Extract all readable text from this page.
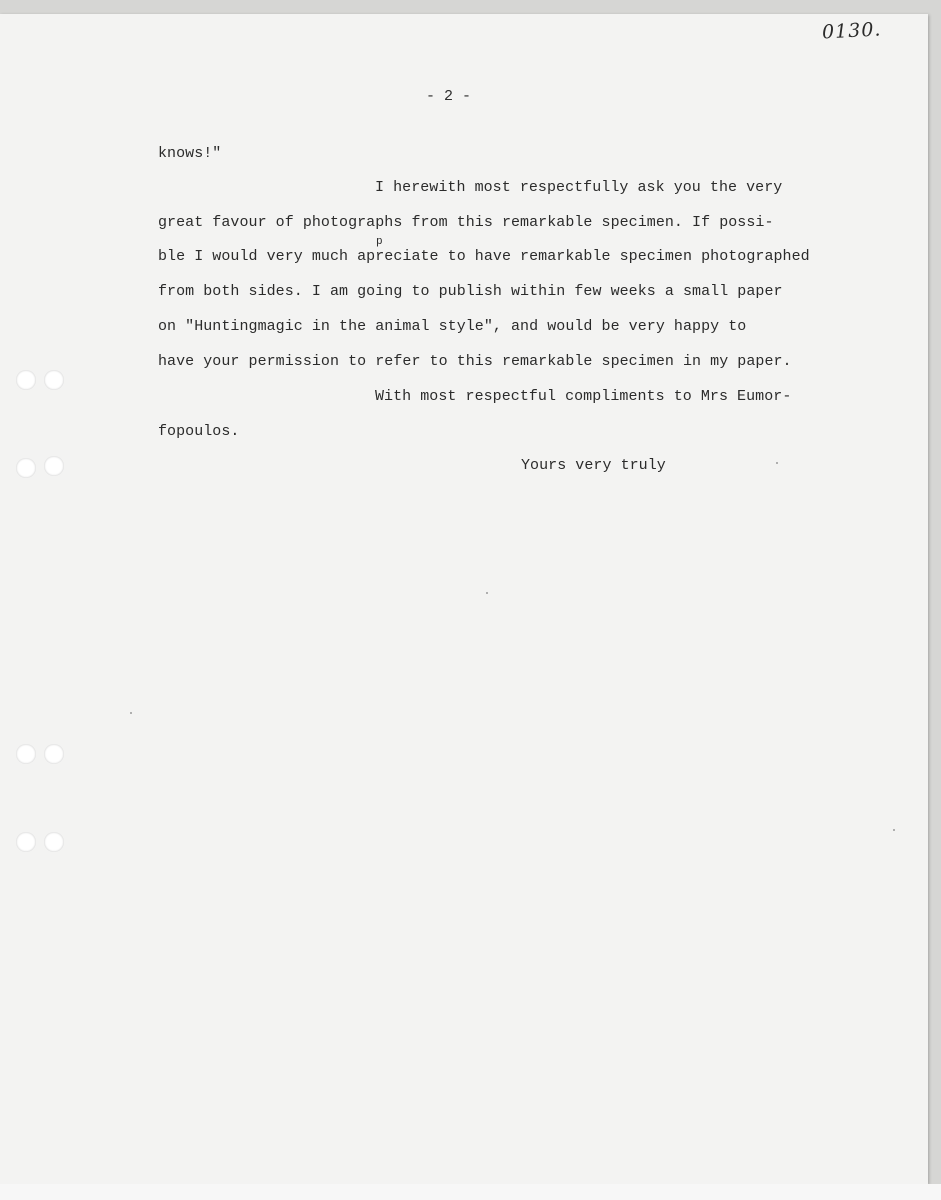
0130.
- 2 -
knows!"
I herewith most respectfully ask you the very
great favour of photographs from this remarkable specimen. If possi-
p
ble I would very much apreciate to have remarkable specimen photographed
from both sides. I am going to publish within few weeks a small paper
on "Huntingmagic in the animal style", and would be very happy to
have your permission to refer to this remarkable specimen in my paper.
With most respectful compliments to Mrs Eumor-
fopoulos.
Yours very truly
